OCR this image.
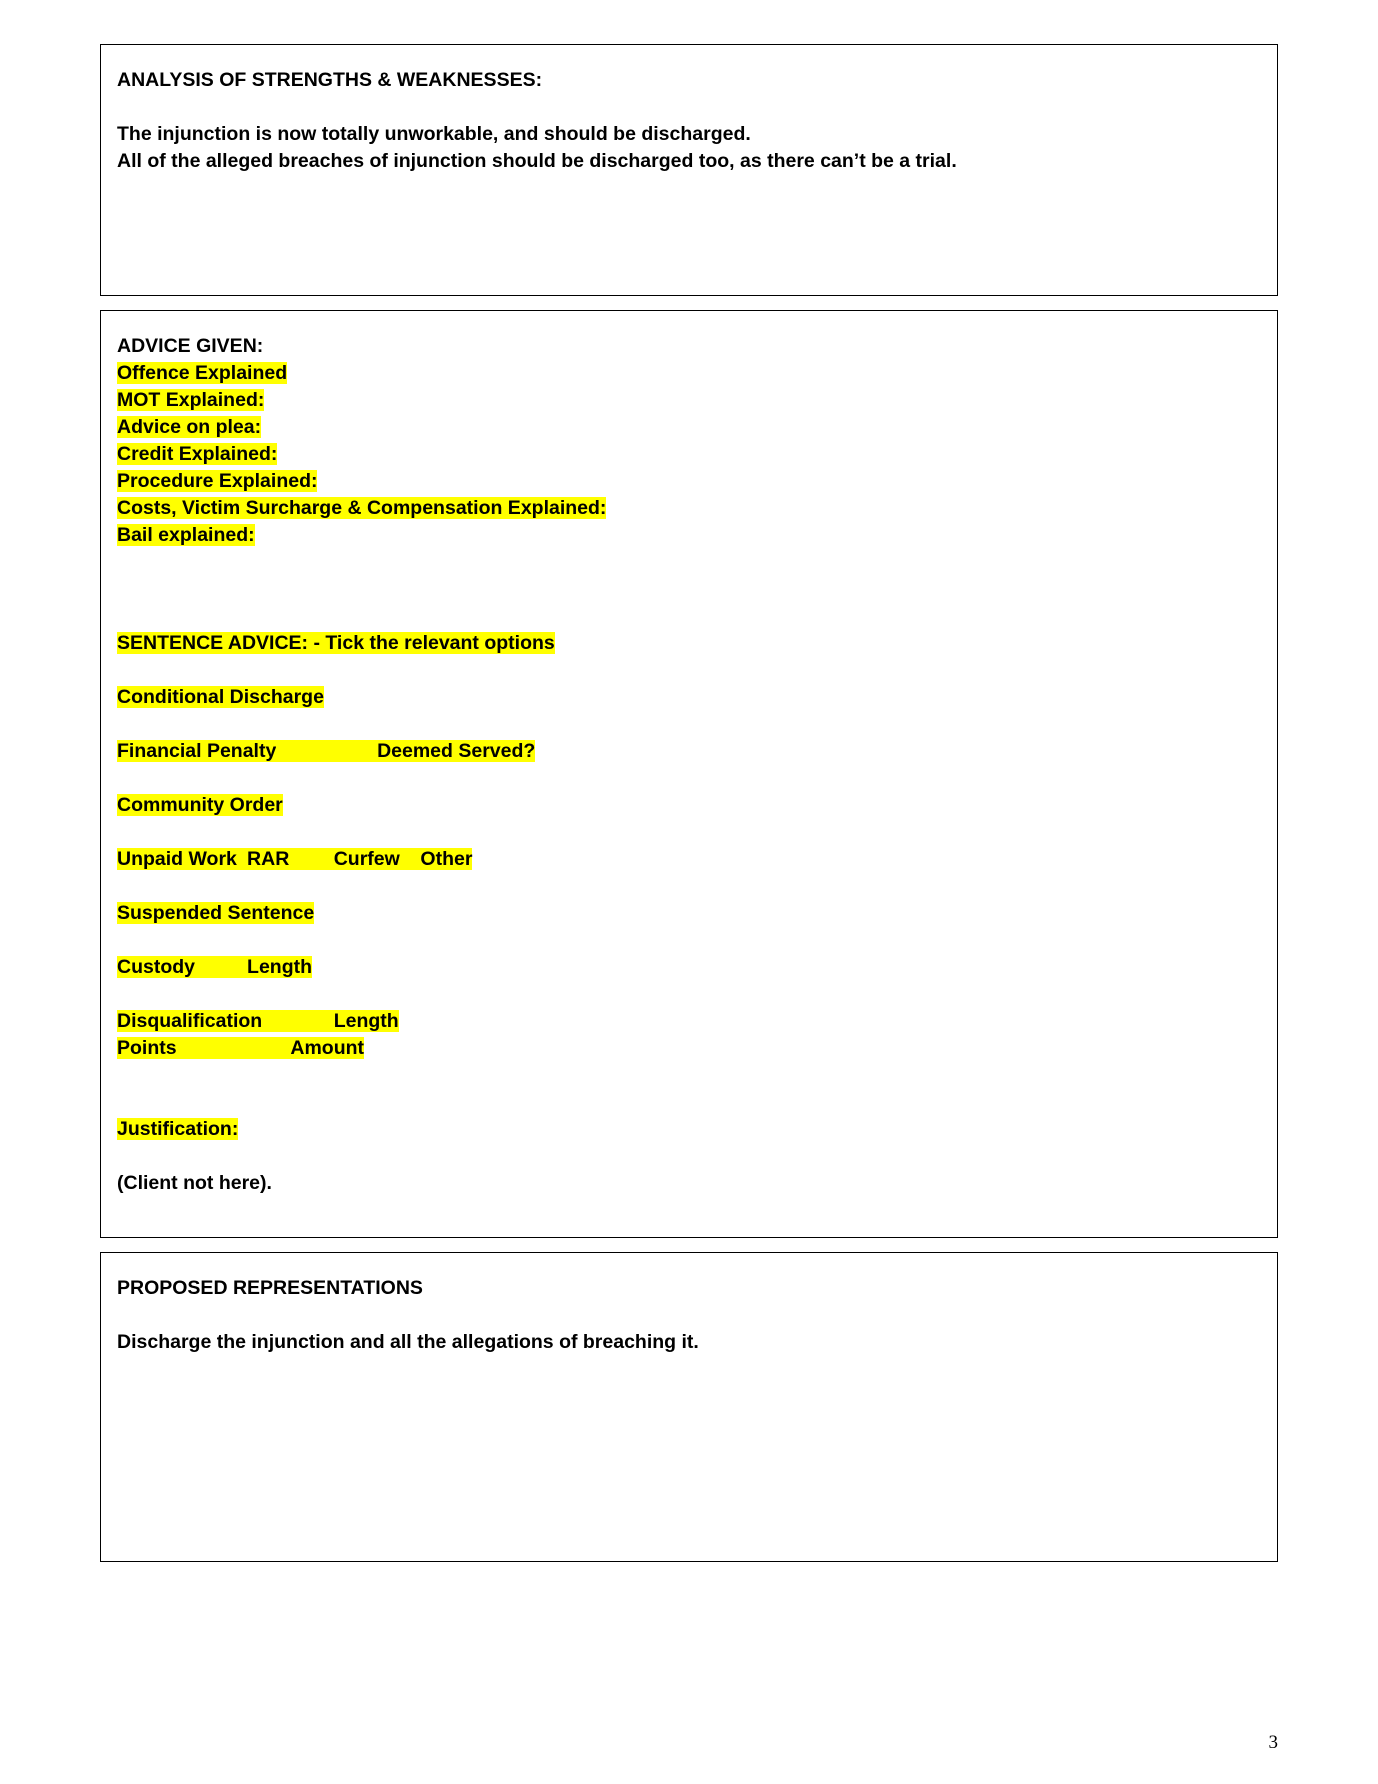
ANALYSIS OF STRENGTHS & WEAKNESSES:

The injunction is now totally unworkable, and should be discharged.

All of the alleged breaches of injunction should be discharged too, as there can’t be a trial.

ADVICE GIVEN:

Offence Explained

MOT Explained:

Advice on plea:

Credit Explained:

Procedure Explained:

Costs, Victim Surcharge & Compensation Explained:

Bail explained:

SENTENCE ADVICE: - Tick the relevant options

Conditional Discharge

Financial Penalty				Deemed Served?

Community Order

Unpaid Work	RAR	Curfew	Other

Suspended Sentence

Custody			Length

Disqualification			Length

Points				Amount

Justification:

(Client not here).

PROPOSED REPRESENTATIONS

Discharge the injunction and all the allegations of breaching it.

3
